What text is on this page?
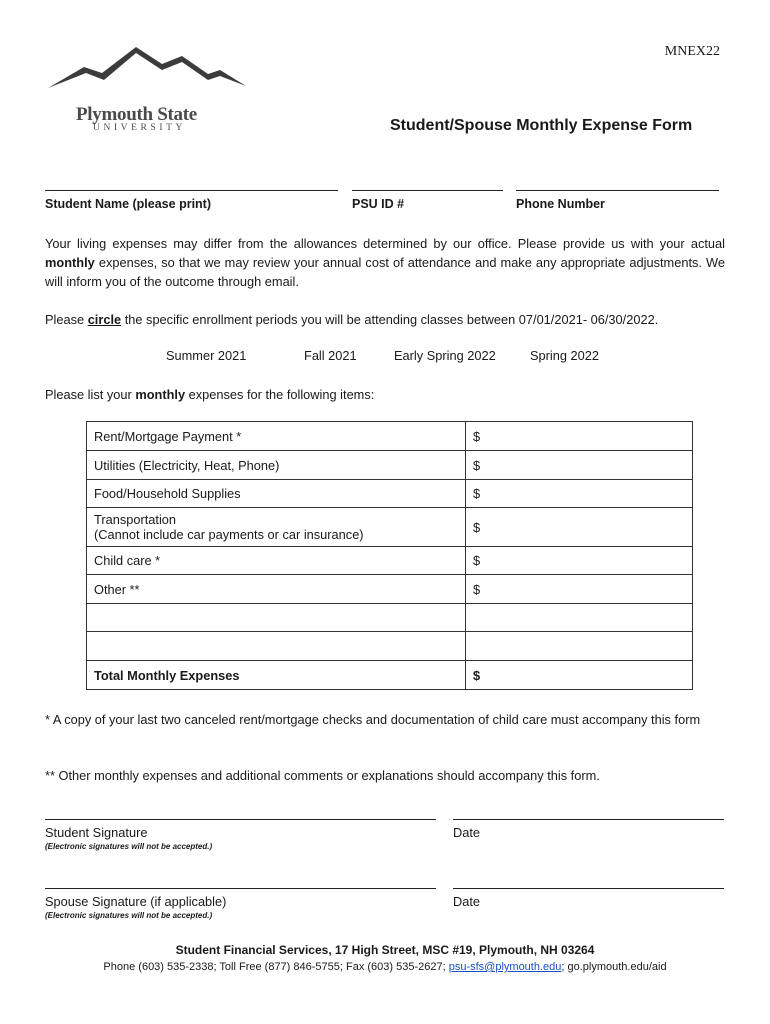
MNEX22
Plymouth State
UNIVERSITY	Student/Spouse Monthly Expense Form
Student Name (please print)	PSU ID #	Phone Number
Your living expenses may differ from the allowances determined by our office. Please provide us with your actual monthly expenses, so that we may review your annual cost of attendance and make any appropriate adjustments. We will inform you of the outcome through email.
Please circle the specific enrollment periods you will be attending classes between 07/01/2021- 06/30/2022.
Summer 2021	Fall 2021	Early Spring 2022	Spring 2022
Please list your monthly expenses for the following items:
Rent/Mortgage Payment *	$
Utilities (Electricity, Heat, Phone)	$
Food/Household Supplies	$

Transportation
(Cannot include car payments or car insurance)	$
Child care *	$
Other **	$

Total Monthly Expenses	$
* A copy of your last two canceled rent/mortgage checks and documentation of child care must accompany this form
** Other monthly expenses and additional comments or explanations should accompany this form.
Student Signature	Date
(Electronic signatures will not be accepted.)
Spouse Signature (if applicable)	Date
(Electronic signatures will not be accepted.)
Student Financial Services, 17 High Street, MSC #19, Plymouth, NH 03264
Phone (603) 535-2338; Toll Free (877) 846-5755; Fax (603) 535-2627; psu-sfs@plymouth.edu; go.plymouth.edu/aid
